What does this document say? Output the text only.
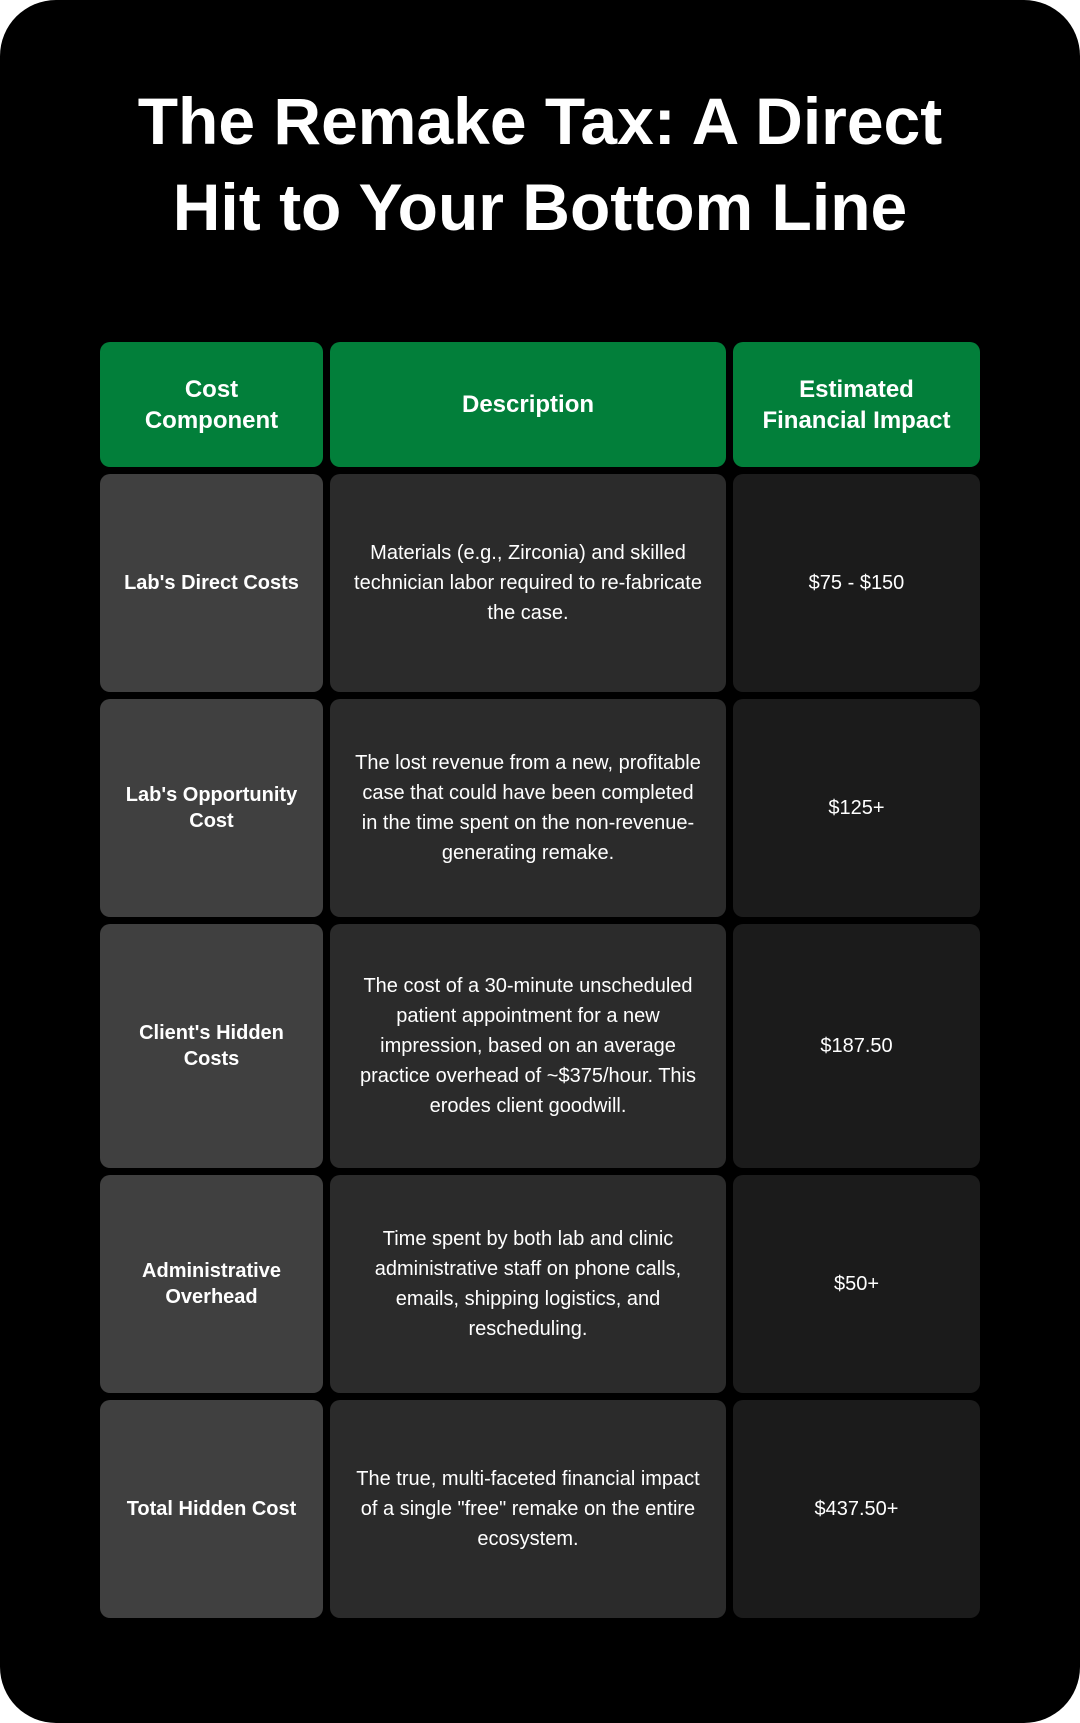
The Remake Tax: A Direct Hit to Your Bottom Line
Cost Component
Description
Estimated Financial Impact
Lab's Direct Costs
Materials (e.g., Zirconia) and skilled technician labor required to re-fabricate the case.
$75 - $150
Lab's Opportunity Cost
The lost revenue from a new, profitable case that could have been completed in the time spent on the non-revenue-generating remake.
$125+
Client's Hidden Costs
The cost of a 30-minute unscheduled patient appointment for a new impression, based on an average practice overhead of ~$375/hour. This erodes client goodwill.
$187.50
Administrative Overhead
Time spent by both lab and clinic administrative staff on phone calls, emails, shipping logistics, and rescheduling.
$50+
Total Hidden Cost
The true, multi-faceted financial impact of a single "free" remake on the entire ecosystem.
$437.50+
